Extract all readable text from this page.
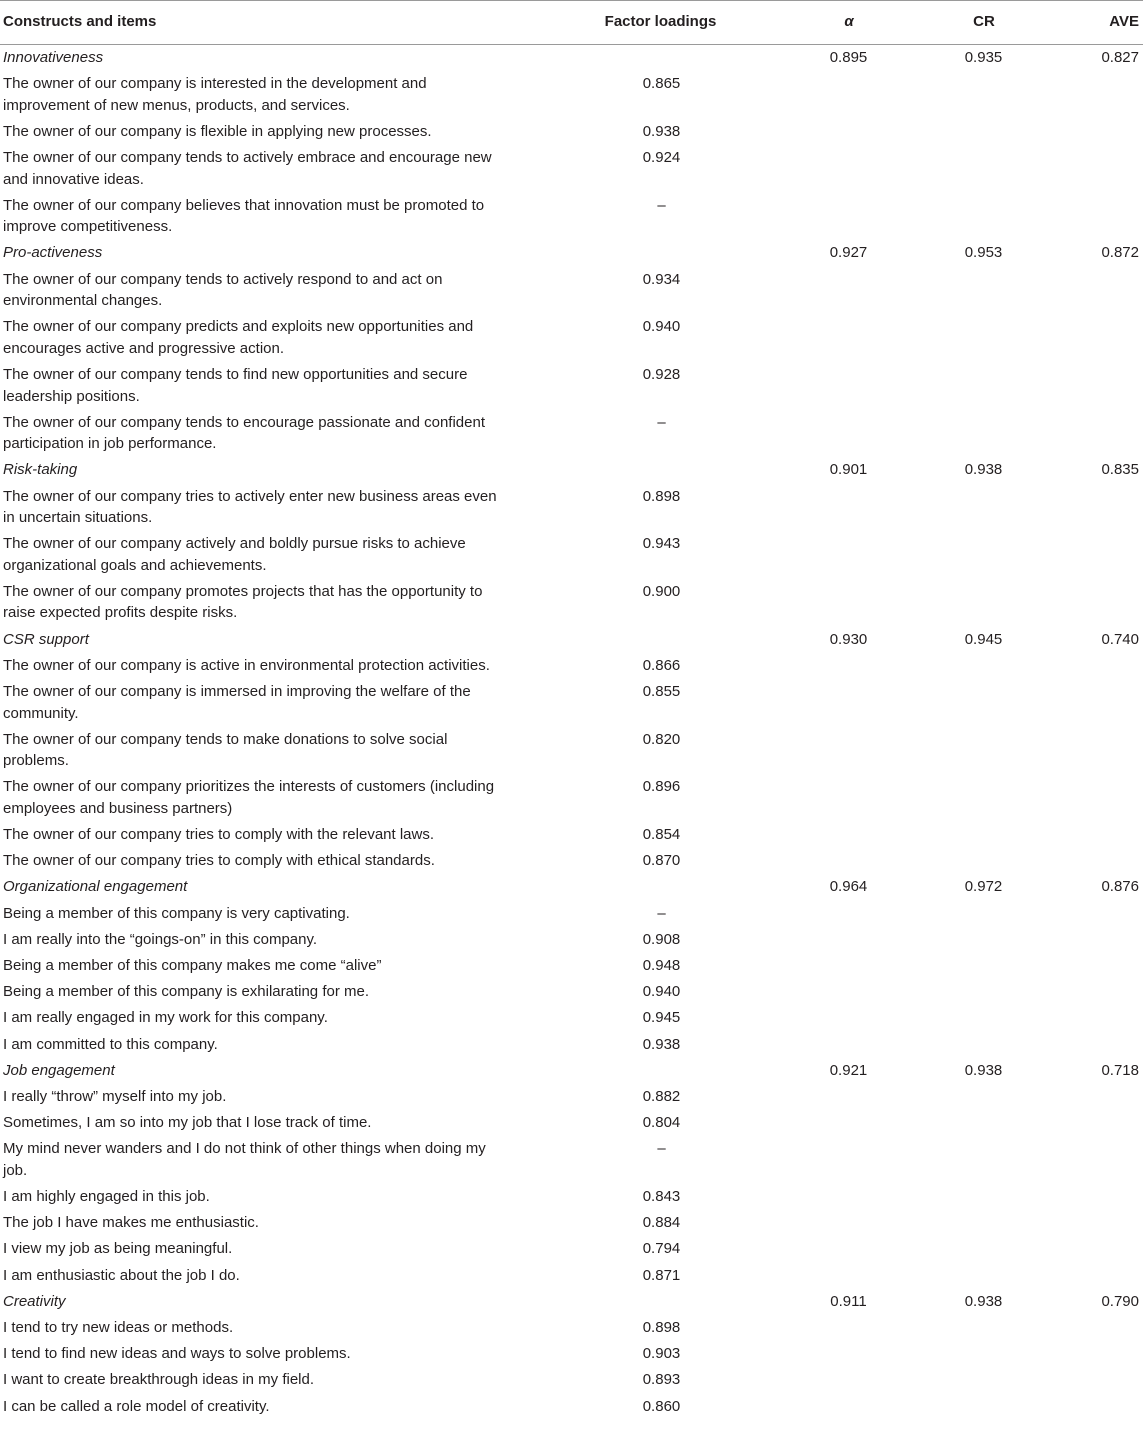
Constructs and items	Factor loadings	α	CR	AVE
Innovativeness		0.895	0.935	0.827
The owner of our company is interested in the development and improvement of new menus, products, and services.	0.865			
The owner of our company is flexible in applying new processes.	0.938			
The owner of our company tends to actively embrace and encourage new and innovative ideas.	0.924			
The owner of our company believes that innovation must be promoted to improve competitiveness.	–			
Pro-activeness		0.927	0.953	0.872
The owner of our company tends to actively respond to and act on environmental changes.	0.934			
The owner of our company predicts and exploits new opportunities and encourages active and progressive action.	0.940			
The owner of our company tends to find new opportunities and secure leadership positions.	0.928			
The owner of our company tends to encourage passionate and confident participation in job performance.	–			
Risk-taking		0.901	0.938	0.835
The owner of our company tries to actively enter new business areas even in uncertain situations.	0.898			
The owner of our company actively and boldly pursue risks to achieve organizational goals and achievements.	0.943			
The owner of our company promotes projects that has the opportunity to raise expected profits despite risks.	0.900			
CSR support		0.930	0.945	0.740
The owner of our company is active in environmental protection activities.	0.866			
The owner of our company is immersed in improving the welfare of the community.	0.855			
The owner of our company tends to make donations to solve social problems.	0.820			
The owner of our company prioritizes the interests of customers (including employees and business partners)	0.896			
The owner of our company tries to comply with the relevant laws.	0.854			
The owner of our company tries to comply with ethical standards.	0.870			
Organizational engagement		0.964	0.972	0.876
Being a member of this company is very captivating.	–			
I am really into the “goings-on” in this company.	0.908			
Being a member of this company makes me come “alive”	0.948			
Being a member of this company is exhilarating for me.	0.940			
I am really engaged in my work for this company.	0.945			
I am committed to this company.	0.938			
Job engagement		0.921	0.938	0.718
I really “throw” myself into my job.	0.882			
Sometimes, I am so into my job that I lose track of time.	0.804			
My mind never wanders and I do not think of other things when doing my job.	–			
I am highly engaged in this job.	0.843			
The job I have makes me enthusiastic.	0.884			
I view my job as being meaningful.	0.794			
I am enthusiastic about the job I do.	0.871			
Creativity		0.911	0.938	0.790
I tend to try new ideas or methods.	0.898			
I tend to find new ideas and ways to solve problems.	0.903			
I want to create breakthrough ideas in my field.	0.893			
I can be called a role model of creativity.	0.860			
